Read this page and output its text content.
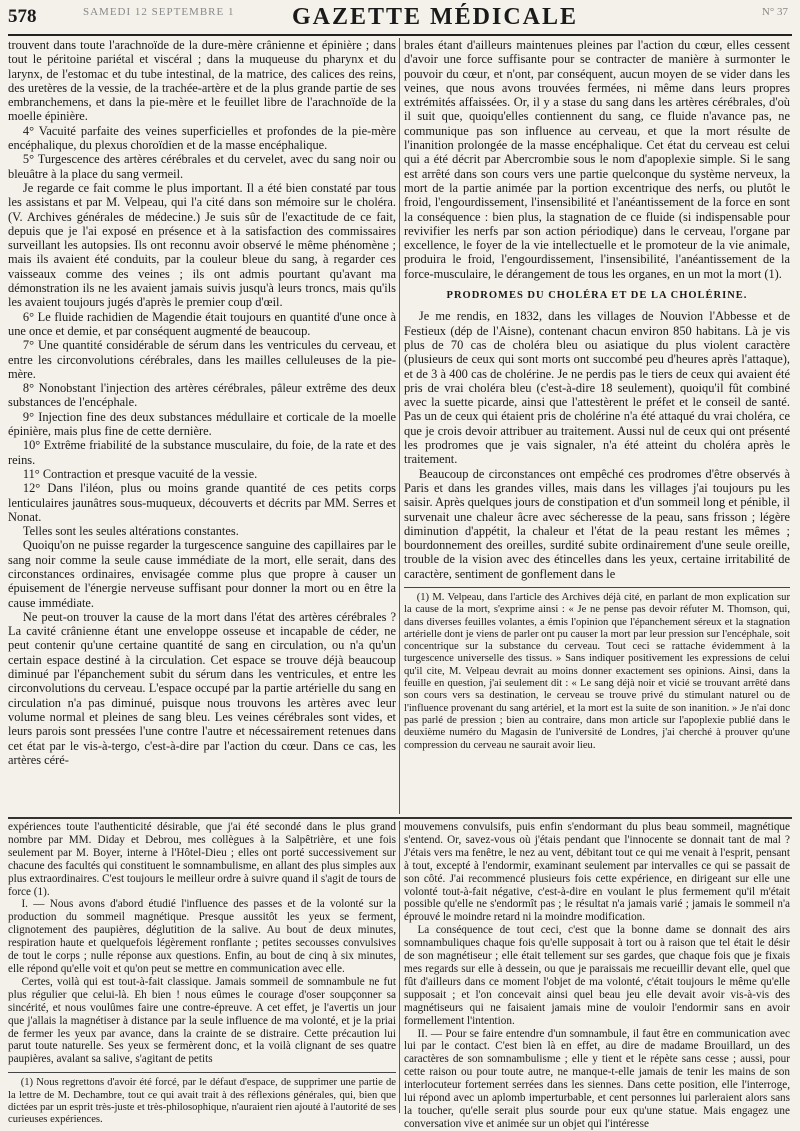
578	SAMEDI 12 SEPTEMBRE 1	GAZETTE MÉDICALE	N° 37

trouvent dans toute l'arachnoïde de la dure-mère crânienne et épinière ; dans tout le péritoine pariétal et viscéral ; dans la muqueuse du pharynx et du larynx, de l'estomac et du tube intestinal, de la matrice, des calices des reins, des uretères de la vessie, de la trachée-artère et de la plus grande partie de ses embranchemens, et dans la pie-mère et le feuillet libre de l'arachnoïde de la moelle épinière.

4° Vacuité parfaite des veines superficielles et profondes de la pie-mère encéphalique, du plexus choroïdien et de la masse encéphalique.

5° Turgescence des artères cérébrales et du cervelet, avec du sang noir ou bleuâtre à la place du sang vermeil.

Je regarde ce fait comme le plus important. Il a été bien constaté par tous les assistans et par M. Velpeau, qui l'a cité dans son mémoire sur le choléra. (V. Archives générales de médecine.) Je suis sûr de l'exactitude de ce fait, depuis que je l'ai exposé en présence et à la satisfaction des commissaires surveillant les autopsies. Ils ont reconnu avoir observé le même phénomène ; mais ils avaient été conduits, par la couleur bleue du sang, à regarder ces vaisseaux comme des veines ; ils ont admis pourtant qu'avant ma démonstration ils ne les avaient jamais suivis jusqu'à leurs troncs, mais qu'ils les avaient toujours jugés d'après le premier coup d'œil.

6° Le fluide rachidien de Magendie était toujours en quantité d'une once à une once et demie, et par conséquent augmenté de beaucoup.

7° Une quantité considérable de sérum dans les ventricules du cerveau, et entre les circonvolutions cérébrales, dans les mailles celluleuses de la pie-mère.

8° Nonobstant l'injection des artères cérébrales, pâleur extrême des deux substances de l'encéphale.

9° Injection fine des deux substances médullaire et corticale de la moelle épinière, mais plus fine de cette dernière.

10° Extrême friabilité de la substance musculaire, du foie, de la rate et des reins.

11° Contraction et presque vacuité de la vessie.

12° Dans l'iléon, plus ou moins grande quantité de ces petits corps lenticulaires jaunâtres sous-muqueux, découverts et décrits par MM. Serres et Nonat.

Telles sont les seules altérations constantes.

Quoiqu'on ne puisse regarder la turgescence sanguine des capillaires par le sang noir comme la seule cause immédiate de la mort, elle serait, dans des circonstances ordinaires, envisagée comme plus que propre à causer un épuisement de l'énergie nerveuse suffisant pour donner la mort ou en être la cause immédiate.

Ne peut-on trouver la cause de la mort dans l'état des artères cérébrales ? La cavité crânienne étant une enveloppe osseuse et incapable de céder, ne peut contenir qu'une certaine quantité de sang en circulation, ou n'a qu'un certain espace destiné à la circulation. Cet espace se trouve déjà beaucoup diminué par l'épanchement subit du sérum dans les ventricules, et entre les circonvolutions du cerveau. L'espace occupé par la partie artérielle du sang en circulation n'a pas diminué, puisque nous trouvons les artères avec leur volume normal et pleines de sang bleu. Les veines cérébrales sont vides, et leurs parois sont pressées l'une contre l'autre et nécessairement retenues dans cet état par le vis-à-tergo, c'est-à-dire par l'action du cœur. Dans ce cas, les artères céré-

brales étant d'ailleurs maintenues pleines par l'action du cœur, elles cessent d'avoir une force suffisante pour se contracter de manière à surmonter le pouvoir du cœur, et n'ont, par conséquent, aucun moyen de se vider dans les veines, que nous avons trouvées fermées, ni même dans leurs propres extrémités affaissées. Or, il y a stase du sang dans les artères cérébrales, d'où il suit que, quoiqu'elles contiennent du sang, ce fluide n'avance pas, ne communique pas son influence au cerveau, et que la mort résulte de l'inanition prolongée de la masse encéphalique. Cet état du cerveau est celui qui a été décrit par Abercrombie sous le nom d'apoplexie simple. Si le sang est arrêté dans son cours vers une partie quelconque du système nerveux, la mort de la partie animée par la portion excentrique des nerfs, ou plutôt le froid, l'engourdissement, l'insensibilité et l'anéantissement de la force en sont la conséquence : bien plus, la stagnation de ce fluide (si indispensable pour revivifier les nerfs par son action périodique) dans le cerveau, l'organe par excellence, le foyer de la vie intellectuelle et le promoteur de la vie animale, produira le froid, l'engourdissement, l'insensibilité, l'anéantissement de la force-musculaire, le dérangement de tous les organes, en un mot la mort (1).

PRODROMES DU CHOLÉRA ET DE LA CHOLÉRINE.

Je me rendis, en 1832, dans les villages de Nouvion l'Abbesse et de Festieux (dép de l'Aisne), contenant chacun environ 850 habitans. Là je vis plus de 70 cas de choléra bleu ou asiatique du plus violent caractère (plusieurs de ceux qui sont morts ont succombé peu d'heures après l'attaque), et de 3 à 400 cas de cholérine. Je ne perdis pas le tiers de ceux qui avaient été pris de vrai choléra bleu (c'est-à-dire 18 seulement), quoiqu'il fût combiné avec la suette picarde, ainsi que l'attestèrent le préfet et le conseil de santé. Pas un de ceux qui étaient pris de cholérine n'a été attaqué du vrai choléra, ce que je crois devoir attribuer au traitement. Aussi nul de ceux qui ont présenté les prodromes que je vais signaler, n'a été atteint du choléra après le traitement.

Beaucoup de circonstances ont empêché ces prodromes d'être observés à Paris et dans les grandes villes, mais dans les villages j'ai toujours pu les saisir. Après quelques jours de constipation et d'un sommeil long et pénible, il survenait une chaleur âcre avec sécheresse de la peau, sans frisson ; légère diminution d'appétit, la chaleur et l'état de la peau restant les mêmes ; bourdonnement des oreilles, surdité subite ordinairement d'une seule oreille, trouble de la vision avec des étincelles dans les yeux, certaine irritabilité de caractère, sentiment de gonflement dans le

(1) M. Velpeau, dans l'article des Archives déjà cité, en parlant de mon explication sur la cause de la mort, s'exprime ainsi : « Je ne pense pas devoir réfuter M. Thomson, qui, dans diverses feuilles volantes, a émis l'opinion que l'épanchement séreux et la stagnation artérielle dont je viens de parler ont pu causer la mort par leur pression sur l'encéphale, soit concentrique sur la substance du cerveau. Tout ceci se rattache évidemment à la turgescence universelle des tissus. » Sans indiquer positivement les expressions de celui qu'il cite, M. Velpeau devrait au moins donner exactement ses opinions. Ainsi, dans la feuille en question, j'ai seulement dit : « Le sang déjà noir et vicié se trouvant arrêté dans son cours vers sa destination, le cerveau se trouve privé du stimulant naturel ou de l'influence provenant du sang artériel, et la mort est la suite de son inanition. » Je n'ai donc pas parlé de pression ; bien au contraire, dans mon article sur l'apoplexie publié dans le deuxième numéro du Magasin de l'université de Londres, j'ai cherché à prouver qu'une compression du cerveau ne saurait avoir lieu.

expériences toute l'authenticité désirable, que j'ai été secondé dans le plus grand nombre par MM. Diday et Debrou, mes collègues à la Salpêtrière, et une fois seulement par M. Boyer, interne à l'Hôtel-Dieu ; elles ont porté successivement sur chacune des facultés qui constituent le somnambulisme, en allant des plus simples aux plus extraordinaires. C'est toujours le meilleur ordre à suivre quand il s'agit de tours de force (1).

I. — Nous avons d'abord étudié l'influence des passes et de la volonté sur la production du sommeil magnétique. Presque aussitôt les yeux se ferment, clignotement des paupières, déglutition de la salive. Au bout de deux minutes, respiration haute et quelquefois légèrement ronflante ; petites secousses convulsives de tout le corps ; nulle réponse aux questions. Enfin, au bout de cinq à six minutes, elle répond qu'elle voit et qu'on peut se mettre en communication avec elle.

Certes, voilà qui est tout-à-fait classique. Jamais sommeil de somnambule ne fut plus régulier que celui-là. Eh bien ! nous eûmes le courage d'oser soupçonner sa sincérité, et nous voulûmes faire une contre-épreuve. A cet effet, je l'avertis un jour que j'allais la magnétiser à distance par la seule influence de ma volonté, et je la priai de fermer les yeux par avance, dans la crainte de se distraire. Cette précaution lui parut toute naturelle. Ses yeux se fermèrent donc, et la voilà clignant de ses quatre paupières, avalant sa salive, s'agitant de petits

(1) Nous regrettons d'avoir été forcé, par le défaut d'espace, de supprimer une partie de la lettre de M. Dechambre, tout ce qui avait trait à des réflexions générales, qui, bien que dictées par un esprit très-juste et très-philosophique, n'auraient rien ajouté à l'autorité de ses curieuses expériences.

mouvemens convulsifs, puis enfin s'endormant du plus beau sommeil, magnétique s'entend. Or, savez-vous où j'étais pendant que l'innocente se donnait tant de mal ? J'étais vers ma fenêtre, le nez au vent, débitant tout ce qui me venait à l'esprit, pensant à tout, excepté à l'endormir, examinant seulement par intervalles ce qui se passait de son côté. J'ai recommencé plusieurs fois cette expérience, en dirigeant sur elle une volonté tout-à-fait négative, c'est-à-dire en voulant le plus fermement qu'il m'était possible qu'elle ne s'endormît pas ; le résultat n'a jamais varié ; jamais le sommeil n'a éprouvé le moindre retard ni la moindre modification.

La conséquence de tout ceci, c'est que la bonne dame se donnait des airs somnambuliques chaque fois qu'elle supposait à tort ou à raison que tel était le désir de son magnétiseur ; elle était tellement sur ses gardes, que chaque fois que je fixais mes regards sur elle à dessein, ou que je paraissais me recueillir devant elle, quel que fût d'ailleurs dans ce moment l'objet de ma volonté, c'était toujours le même qu'elle supposait ; et l'on concevait ainsi quel beau jeu elle devait avoir vis-à-vis des magnétiseurs qui ne faisaient jamais mine de vouloir l'endormir sans en avoir formellement l'intention.

II. — Pour se faire entendre d'un somnambule, il faut être en communication avec lui par le contact. C'est bien là en effet, au dire de madame Brouillard, un des caractères de son somnambulisme ; elle y tient et le répète sans cesse ; aussi, pour cette raison ou pour toute autre, ne manque-t-elle jamais de tenir les mains de son interlocuteur fortement serrées dans les siennes. Dans cette position, elle l'interroge, lui répond avec un aplomb imperturbable, et cent personnes lui parleraient alors sans la toucher, qu'elle serait plus sourde pour eux qu'une statue. Mais engagez une conversation vive et animée sur un objet qui l'intéresse
